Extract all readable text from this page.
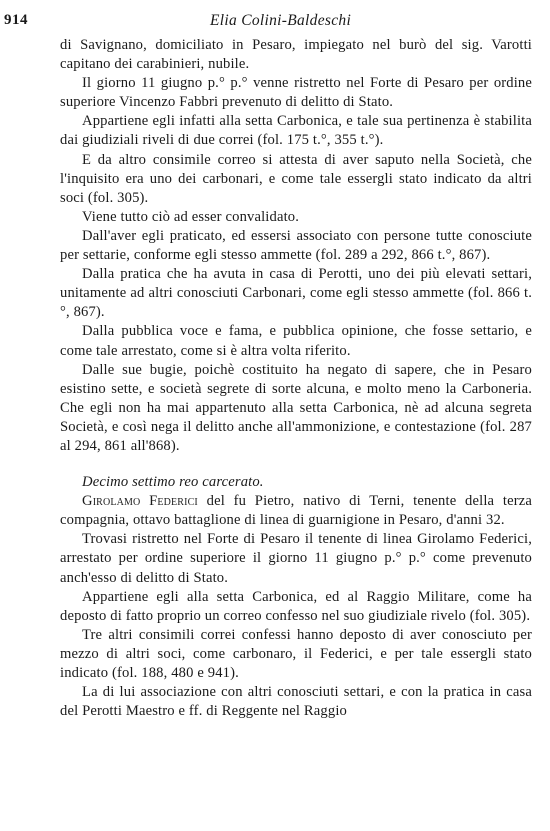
914	Elia Colini-Baldeschi

di Savignano, domiciliato in Pesaro, impiegato nel burò del sig. Varotti capitano dei carabinieri, nubile.

Il giorno 11 giugno p.° p.° venne ristretto nel Forte di Pesaro per ordine superiore Vincenzo Fabbri prevenuto di delitto di Stato.

Appartiene egli infatti alla setta Carbonica, e tale sua pertinenza è stabilita dai giudiziali riveli di due correi (fol. 175 t.°, 355 t.°).

E da altro consimile correo si attesta di aver saputo nella Società, che l'inquisito era uno dei carbonari, e come tale essergli stato indicato da altri soci (fol. 305).

Viene tutto ciò ad esser convalidato.

Dall'aver egli praticato, ed essersi associato con persone tutte conosciute per settarie, conforme egli stesso ammette (fol. 289 a 292, 866 t.°, 867).

Dalla pratica che ha avuta in casa di Perotti, uno dei più elevati settari, unitamente ad altri conosciuti Carbonari, come egli stesso ammette (fol. 866 t.°, 867).

Dalla pubblica voce e fama, e pubblica opinione, che fosse settario, e come tale arrestato, come si è altra volta riferito.

Dalle sue bugie, poichè costituito ha negato di sapere, che in Pesaro esistino sette, e società segrete di sorte alcuna, e molto meno la Carboneria. Che egli non ha mai appartenuto alla setta Carbonica, nè ad alcuna segreta Società, e così nega il delitto anche all'ammonizione, e contestazione (fol. 287 al 294, 861 all'868).

Decimo settimo reo carcerato.

Girolamo Federici del fu Pietro, nativo di Terni, tenente della terza compagnia, ottavo battaglione di linea di guarnigione in Pesaro, d'anni 32.

Trovasi ristretto nel Forte di Pesaro il tenente di linea Girolamo Federici, arrestato per ordine superiore il giorno 11 giugno p.° p.° come prevenuto anch'esso di delitto di Stato.

Appartiene egli alla setta Carbonica, ed al Raggio Militare, come ha deposto di fatto proprio un correo confesso nel suo giudiziale rivelo (fol. 305).

Tre altri consimili correi confessi hanno deposto di aver conosciuto per mezzo di altri soci, come carbonaro, il Federici, e per tale essergli stato indicato (fol. 188, 480 e 941).

La di lui associazione con altri conosciuti settari, e con la pratica in casa del Perotti Maestro e ff. di Reggente nel Raggio
